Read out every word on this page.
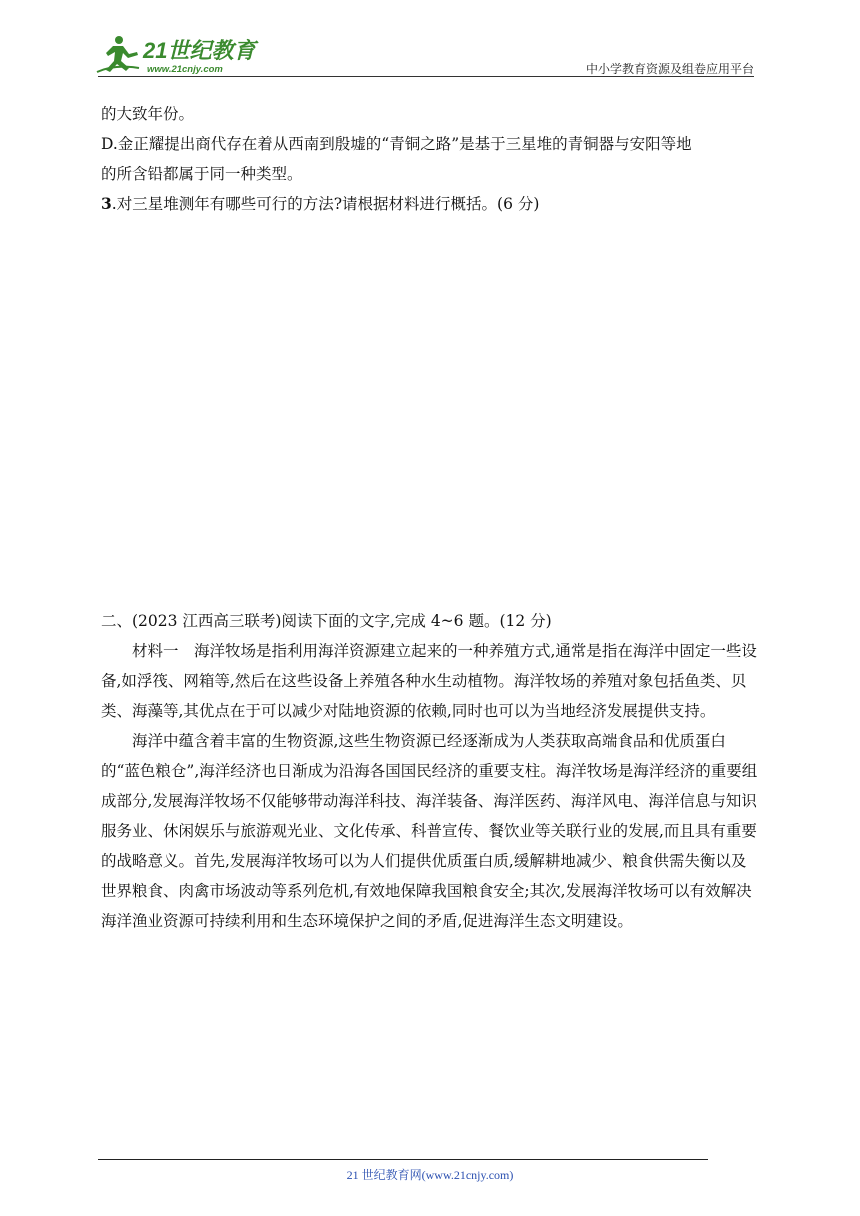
21世纪教育
www.21cnjy.com	中小学教育资源及组卷应用平台

的大致年份。

D.金正耀提出商代存在着从西南到殷墟的“青铜之路”是基于三星堆的青铜器与安阳等地

的所含铅都属于同一种类型。

3.对三星堆测年有哪些可行的方法?请根据材料进行概括。(6 分)

二、(2023 江西高三联考)阅读下面的文字,完成 4~6 题。(12 分)

材料一　海洋牧场是指利用海洋资源建立起来的一种养殖方式,通常是指在海洋中固定一些设备,如浮筏、网箱等,然后在这些设备上养殖各种水生动植物。海洋牧场的养殖对象包括鱼类、贝类、海藻等,其优点在于可以减少对陆地资源的依赖,同时也可以为当地经济发展提供支持。

海洋中蕴含着丰富的生物资源,这些生物资源已经逐渐成为人类获取高端食品和优质蛋白的“蓝色粮仓”,海洋经济也日渐成为沿海各国国民经济的重要支柱。海洋牧场是海洋经济的重要组成部分,发展海洋牧场不仅能够带动海洋科技、海洋装备、海洋医药、海洋风电、海洋信息与知识服务业、休闲娱乐与旅游观光业、文化传承、科普宣传、餐饮业等关联行业的发展,而且具有重要的战略意义。首先,发展海洋牧场可以为人们提供优质蛋白质,缓解耕地减少、粮食供需失衡以及世界粮食、肉禽市场波动等系列危机,有效地保障我国粮食安全;其次,发展海洋牧场可以有效解决海洋渔业资源可持续利用和生态环境保护之间的矛盾,促进海洋生态文明建设。

21 世纪教育网(www.21cnjy.com)
